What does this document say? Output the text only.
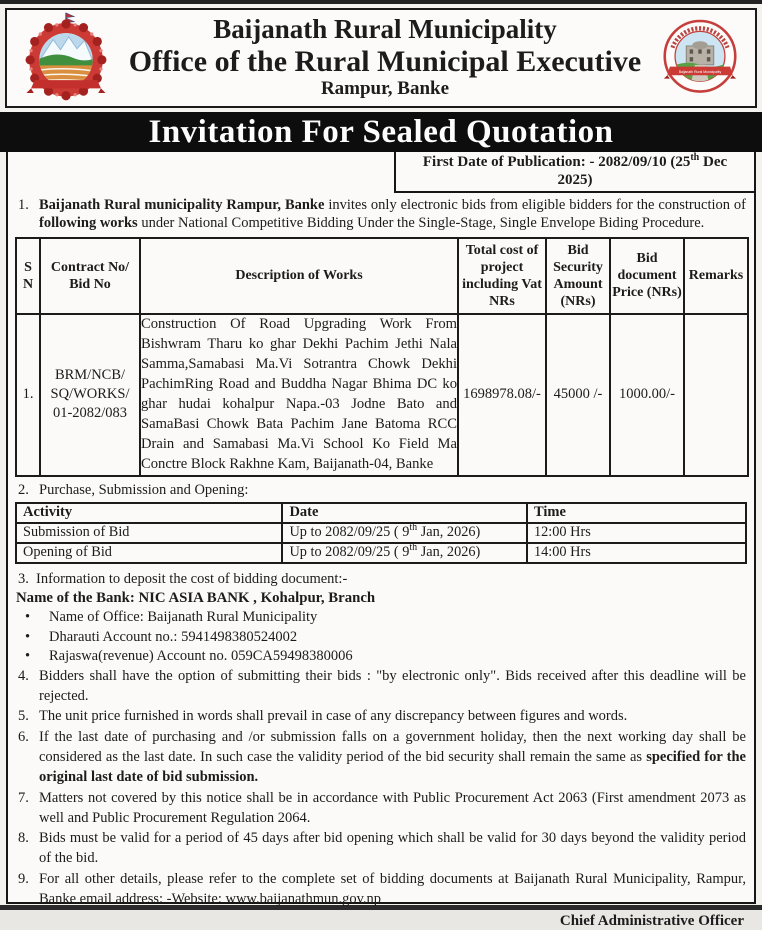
Baijanath Rural Municipality
Office of the Rural Municipal Executive
Rampur, Banke
Baijanath Rural Municipality
Invitation For Sealed Quotation
First Date of Publication: - 2082/09/10 (25th Dec 2025)
1. Baijanath Rural municipality Rampur, Banke invites only electronic bids from eligible bidders for the construction of following works under National Competitive Bidding Under the Single-Stage, Single Envelope Biding Procedure.
S
N	Contract No/ Bid No	Description of Works	Total cost of project including Vat NRs	Bid Security Amount (NRs)	Bid document Price (NRs)	Remarks
1.	BRM/NCB/ SQ/WORKS/ 01-2082/083	Construction Of Road Upgrading Work From Bishwram Tharu ko ghar Dekhi Pachim Jethi Nala Samma,Samabasi Ma.Vi Sotrantra Chowk Dekhi PachimRing Road and Buddha Nagar Bhima DC ko ghar hudai kohalpur Napa.-03 Jodne Bato and SamaBasi Chowk Bata Pachim Jane Batoma RCC Drain and Samabasi Ma.Vi School Ko Field Ma Conctre Block Rakhne Kam, Baijanath-04, Banke	1698978.08/-	45000 /-	1000.00/-	
2. Purchase, Submission and Opening:
Activity	Date	Time
Submission of Bid	Up to 2082/09/25 ( 9th Jan, 2026)	12:00 Hrs
Opening of Bid	Up to 2082/09/25 ( 9th Jan, 2026)	14:00 Hrs
3. Information to deposit the cost of bidding document:-
Name of the Bank: NIC ASIA BANK , Kohalpur, Branch
•	Name of Office: Baijanath Rural Municipality
•	Dharauti Account no.: 5941498380524002
•	Rajaswa(revenue) Account no. 059CA59498380006
4. Bidders shall have the option of submitting their bids : "by electronic only". Bids received after this deadline will be rejected.
5. The unit price furnished in words shall prevail in case of any discrepancy between figures and words.
6. If the last date of purchasing and /or submission falls on a government holiday, then the next working day shall be considered as the last date. In such case the validity period of the bid security shall remain the same as specified for the original last date of bid submission.
7. Matters not covered by this notice shall be in accordance with Public Procurement Act 2063 (First amendment 2073 as well and Public Procurement Regulation 2064.
8. Bids must be valid for a period of 45 days after bid opening which shall be valid for 30 days beyond the validity period of the bid.
9. For all other details, please refer to the complete set of bidding documents at Baijanath Rural Municipality, Rampur, Banke email address: -Website: www.baijanathmun.gov.np
Chief Administrative Officer
